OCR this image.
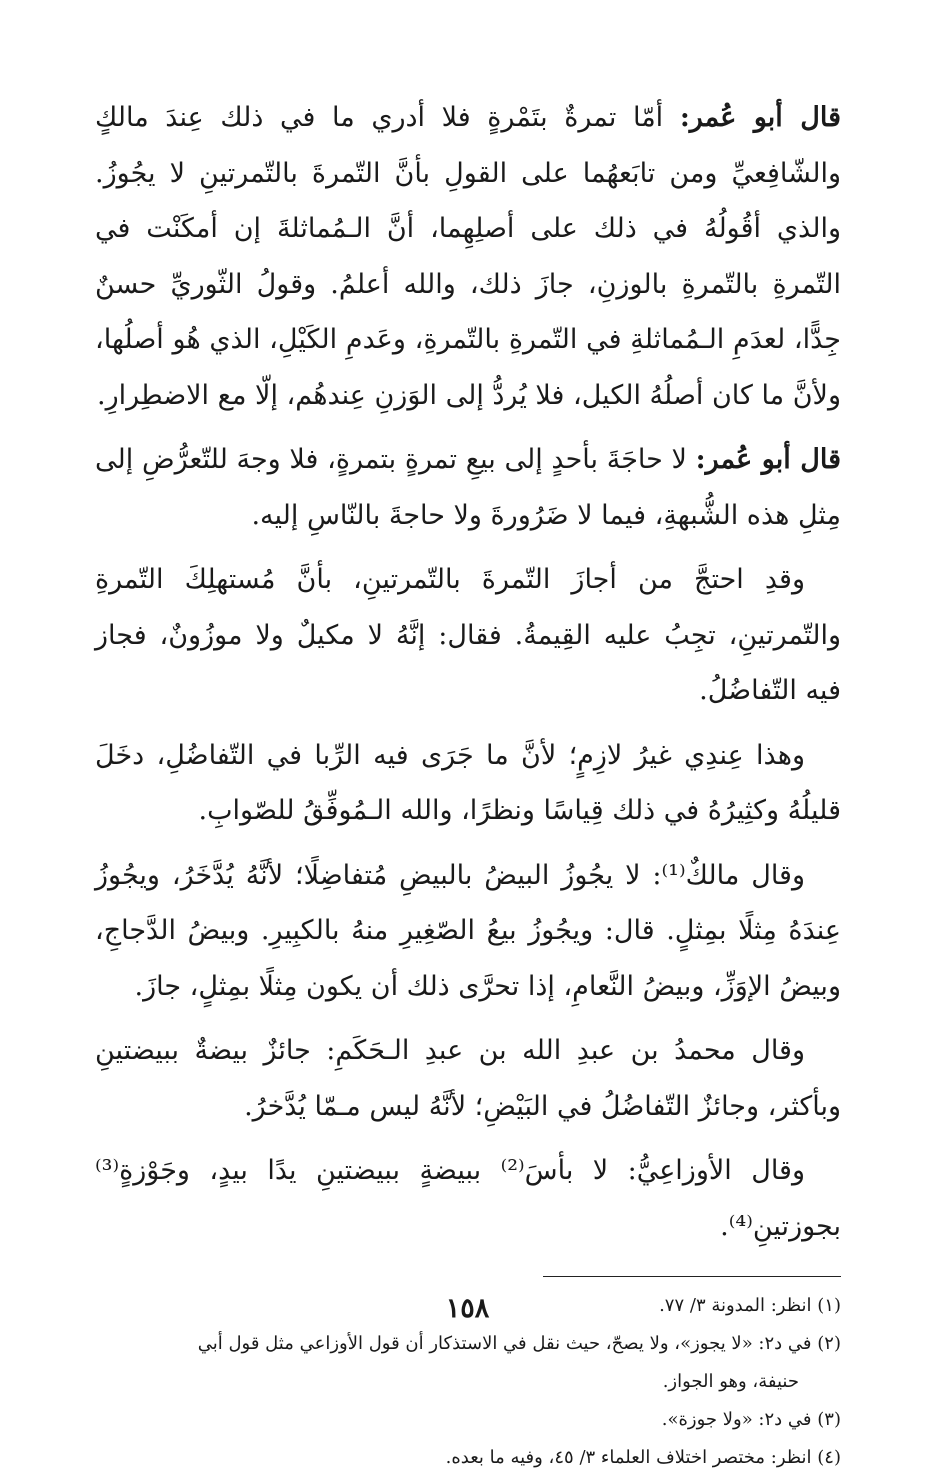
قال أبو عُمر: أمّا تمرةٌ بتَمْرةٍ فلا أدري ما في ذلك عِندَ مالكٍ والشّافِعيِّ ومن تابَعهُما على القولِ بأنَّ التّمرةَ بالتّمرتينِ لا يجُوزُ. والذي أقُولُهُ في ذلك على أصلِهِما، أنَّ الـمُماثلةَ إن أمكَنْت في التّمرةِ بالتّمرةِ بالوزنِ، جازَ ذلك، والله أعلمُ. وقولُ الثّوريِّ حسنٌ جِدًّا، لعدَمِ الـمُماثلةِ في التّمرةِ بالتّمرةِ، وعَدمِ الكَيْلِ، الذي هُو أصلُها، ولأنَّ ما كان أصلُهُ الكيل، فلا يُردُّ إلى الوَزنِ عِندهُم، إلّا مع الاضطِرارِ.

قال أبو عُمر: لا حاجَةَ بأحدٍ إلى بيعِ تمرةٍ بتمرةٍ، فلا وجهَ للتّعرُّضِ إلى مِثلِ هذه الشُّبهةِ، فيما لا ضَرُورةَ ولا حاجةَ بالنّاسِ إليه.

وقدِ احتجَّ من أجازَ التّمرةَ بالتّمرتينِ، بأنَّ مُستهلِكَ التّمرةِ والتّمرتينِ، تجِبُ عليه القِيمةُ. فقال: إنَّهُ لا مكيلٌ ولا موزُونٌ، فجاز فيه التّفاضُلُ.

وهذا عِندِي غيرُ لازِمٍ؛ لأنَّ ما جَرَى فيه الرِّبا في التّفاضُلِ، دخَلَ قليلُهُ وكثِيرُهُ في ذلك قِياسًا ونظرًا، والله الـمُوفِّقُ للصّوابِ.

وقال مالكٌ⁽¹⁾: لا يجُوزُ البيضُ بالبيضِ مُتفاضِلًا؛ لأنَّهُ يُدَّخَرُ، ويجُوزُ عِندَهُ مِثلًا بمِثلٍ. قال: ويجُوزُ بيعُ الصّغِيرِ منهُ بالكبِيرِ. وبيضُ الدَّجاجِ، وبيضُ الإوَزِّ، وبيضُ النَّعامِ، إذا تحرَّى ذلك أن يكون مِثلًا بمِثلٍ، جازَ.

وقال محمدُ بن عبدِ الله بن عبدِ الـحَكَمِ: جائزٌ بيضةٌ ببيضتينِ وبأكثر، وجائزٌ التّفاضُلُ في البَيْضِ؛ لأنَّهُ ليس مـمّا يُدَّخرُ.

وقال الأوزاعِيُّ: لا بأسَ⁽²⁾ ببيضةٍ ببيضتينِ يدًا بيدٍ، وجَوْزةٍ⁽³⁾ بجوزتينِ⁽⁴⁾.

(١) انظر: المدونة ٣/ ٧٧.

(٢) في د٢: «لا يجوز»، ولا يصحّ، حيث نقل في الاستذكار أن قول الأوزاعي مثل قول أبي
حنيفة، وهو الجواز.

(٣) في د٢: «ولا جوزة».

(٤) انظر: مختصر اختلاف العلماء ٣/ ٤٥، وفيه ما بعده.

١٥٨
